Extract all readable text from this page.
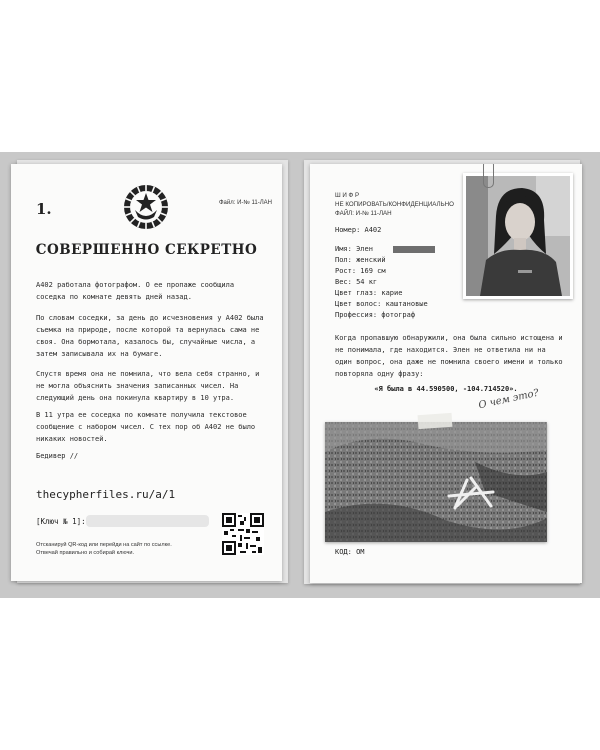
1.	Файл: И-№ 11-ЛАН
СОВЕРШЕННО СЕКРЕТНО
А402 работала фотографом. О ее пропаже сообщила соседка по комнате девять дней назад.
По словам соседки, за день до исчезновения у А402 была съемка на природе, после которой та вернулась сама не своя. Она бормотала, казалось бы, случайные числа, а затем записывала их на бумаге.
Спустя время она не помнила, что вела себя странно, и не могла объяснить значения записанных чисел. На следующий день она покинула квартиру в 10 утра.
В 11 утра ее соседка по комнате получила текстовое сообщение с набором чисел. С тех пор об А402 не было никаких новостей.
Бедивер //
thecypherfiles.ru/a/1
[Ключ № 1]:
Отсканируй QR-код или перейди на сайт по ссылке.
Отвечай правильно и собирай ключи.
Ш И Ф Р
НЕ КОПИРОВАТЬ/КОНФИДЕНЦИАЛЬНО
ФАЙЛ: И-№ 11-ЛАН
Номер: А402
Имя: Элен
Пол: женский
Рост: 169 см
Вес: 54 кг
Цвет глаз: карие
Цвет волос: каштановые
Профессия: фотограф
Когда пропавшую обнаружили, она была сильно истощена и не понимала, где находится. Элен не ответила ни на один вопрос, она даже не помнила своего имени и только повторяла одну фразу:
«Я была в 44.590500, -104.714520».
О чем это?
КОД: ОМ
